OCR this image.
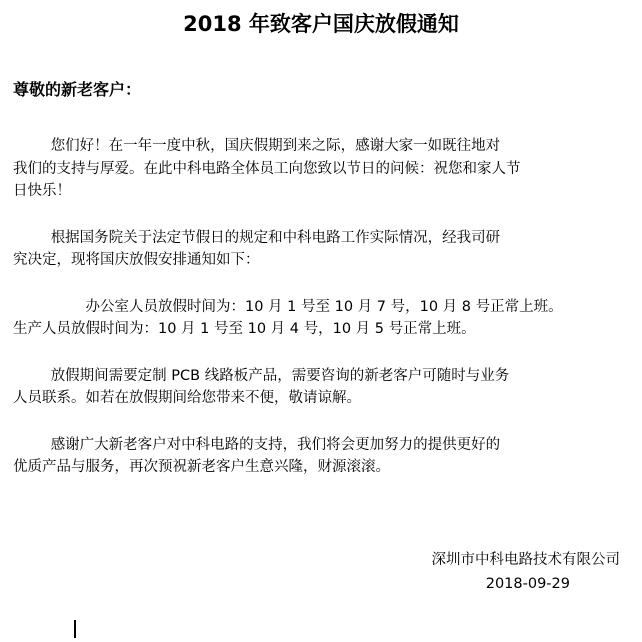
2018 年致客户国庆放假通知

尊敬的新老客户：

您们好！在一年一度中秋，国庆假期到来之际，感谢大家一如既往地对
我们的支持与厚爱。在此中科电路全体员工向您致以节日的问候：祝您和家人节
日快乐！

根据国务院关于法定节假日的规定和中科电路工作实际情况，经我司研
究决定，现将国庆放假安排通知如下：

办公室人员放假时间为：10 月 1 号至 10 月 7 号，10 月 8 号正常上班。
生产人员放假时间为：10 月 1 号至 10 月 4 号，10 月 5 号正常上班。

放假期间需要定制 PCB 线路板产品，需要咨询的新老客户可随时与业务
人员联系。如若在放假期间给您带来不便，敬请谅解。

感谢广大新老客户对中科电路的支持，我们将会更加努力的提供更好的
优质产品与服务，再次预祝新老客户生意兴隆，财源滚滚。

深圳市中科电路技术有限公司
2018-09-29
